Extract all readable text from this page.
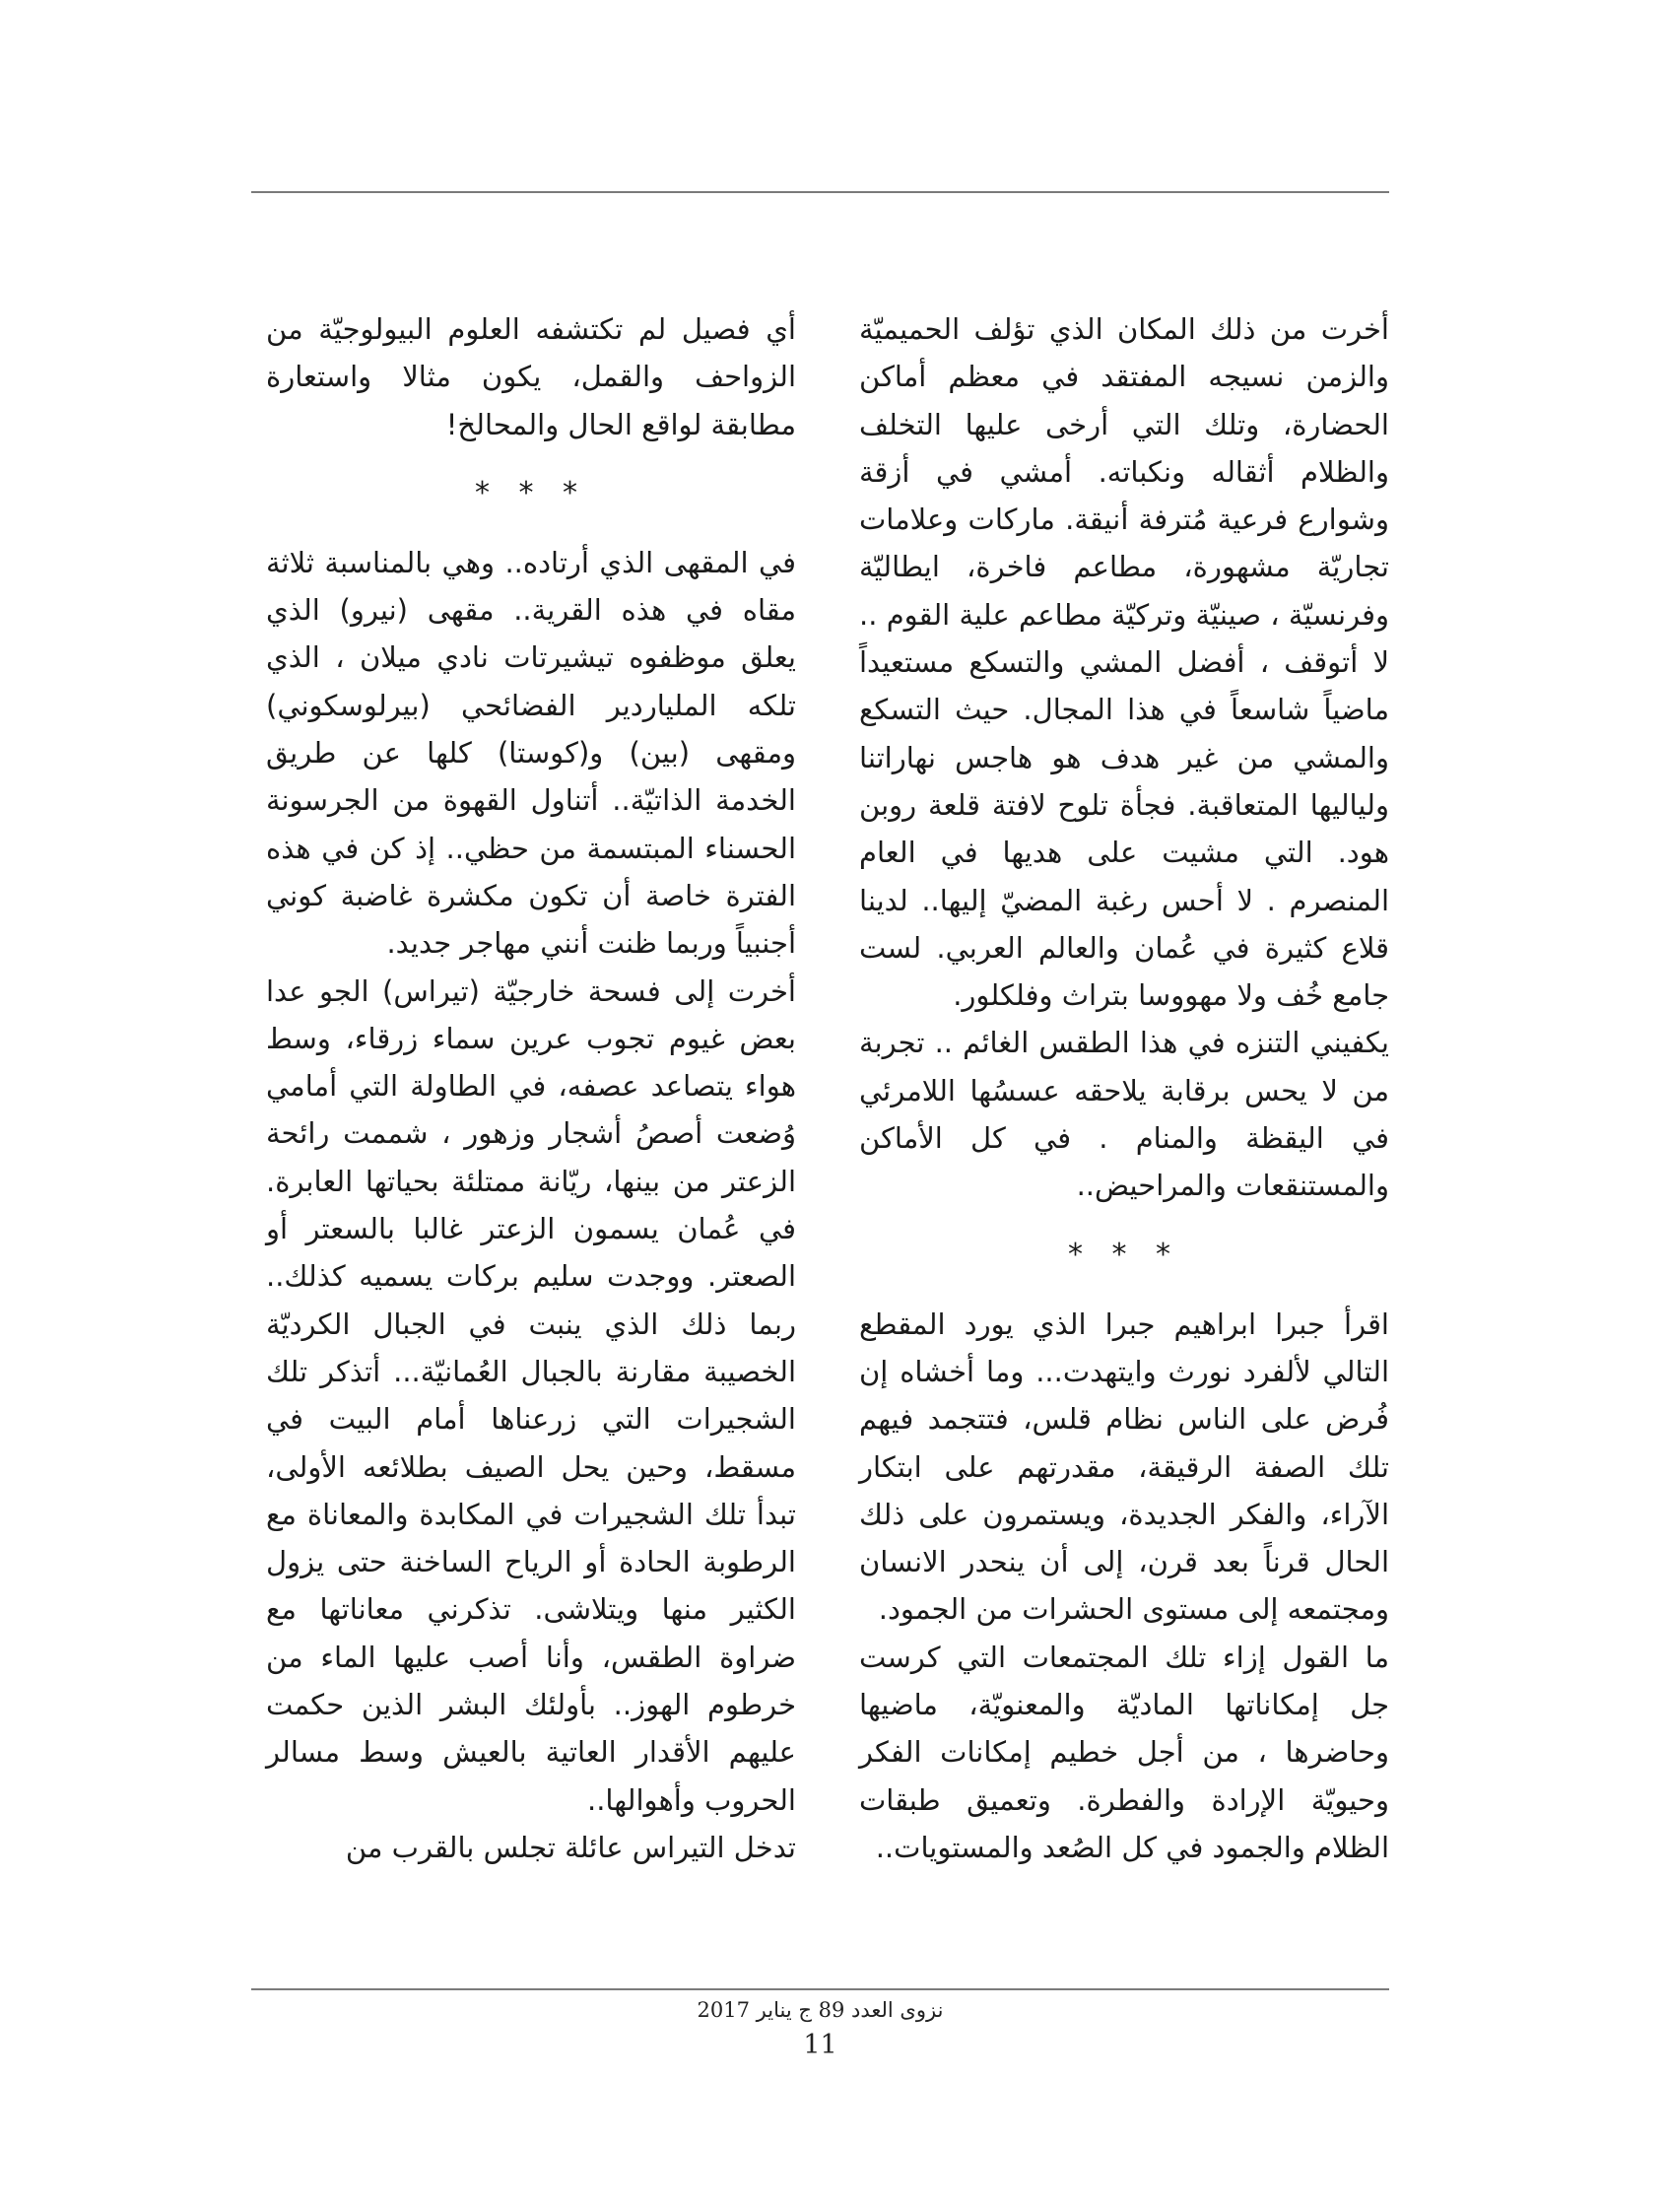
أخرت من ذلك المكان الذي تؤلف الحميميّة والزمن نسيجه المفتقد في معظم أماكن الحضارة، وتلك التي أرخى عليها التخلف والظلام أثقاله ونكباته. أمشي في أزقة وشوارع فرعية مُترفة أنيقة. ماركات وعلامات تجاريّة مشهورة، مطاعم فاخرة، ايطاليّة وفرنسيّة ، صينيّة وتركيّة مطاعم علية القوم .. لا أتوقف ، أفضل المشي والتسكع مستعيداً ماضياً شاسعاً في هذا المجال. حيث التسكع والمشي من غير هدف هو هاجس نهاراتنا ولياليها المتعاقبة. فجأة تلوح لافتة قلعة روبن هود. التي مشيت على هديها في العام المنصرم . لا أحس رغبة المضيّ إليها.. لدينا قلاع كثيرة في عُمان والعالم العربي. لست جامع خُف ولا مهووسا بتراث وفلكلور.

يكفيني التنزه في هذا الطقس الغائم .. تجربة من لا يحس برقابة يلاحقه عسسُها اللامرئي في اليقظة والمنام . في كل الأماكن والمستنقعات والمراحيض..

* * *

اقرأ جبرا ابراهيم جبرا الذي يورد المقطع التالي لألفرد نورث وايتهدت... وما أخشاه إن فُرض على الناس نظام قلس، فتتجمد فيهم تلك الصفة الرقيقة، مقدرتهم على ابتكار الآراء، والفكر الجديدة، ويستمرون على ذلك الحال قرناً بعد قرن، إلى أن ينحدر الانسان ومجتمعه إلى مستوى الحشرات من الجمود.

ما القول إزاء تلك المجتمعات التي كرست جل إمكاناتها الماديّة والمعنويّة، ماضيها وحاضرها ، من أجل خطيم إمكانات الفكر وحيويّة الإرادة والفطرة. وتعميق طبقات الظلام والجمود في كل الصُعد والمستويات..

أي فصيل لم تكتشفه العلوم البيولوجيّة من الزواحف والقمل، يكون مثالا واستعارة مطابقة لواقع الحال والمحالخ!

* * *

في المقهى الذي أرتاده.. وهي بالمناسبة ثلاثة مقاه في هذه القرية.. مقهى (نيرو) الذي يعلق موظفوه تيشيرتات نادي ميلان ، الذي تلكه الملياردير الفضائحي (بيرلوسكوني) ومقهى (بين) و(كوستا) كلها عن طريق الخدمة الذاتيّة.. أتناول القهوة من الجرسونة الحسناء المبتسمة من حظي.. إذ كن في هذه الفترة خاصة أن تكون مكشرة غاضبة كوني أجنبياً وربما ظنت أنني مهاجر جديد.

أخرت إلى فسحة خارجيّة (تيراس) الجو عدا بعض غيوم تجوب عرين سماء زرقاء، وسط هواء يتصاعد عصفه، في الطاولة التي أمامي وُضعت أصصُ أشجار وزهور ، شممت رائحة الزعتر من بينها، ريّانة ممتلئة بحياتها العابرة. في عُمان يسمون الزعتر غالبا بالسعتر أو الصعتر. ووجدت سليم بركات يسميه كذلك.. ربما ذلك الذي ينبت في الجبال الكرديّة الخصيبة مقارنة بالجبال العُمانيّة... أتذكر تلك الشجيرات التي زرعناها أمام البيت في مسقط، وحين يحل الصيف بطلائعه الأولى، تبدأ تلك الشجيرات في المكابدة والمعاناة مع الرطوبة الحادة أو الرياح الساخنة حتى يزول الكثير منها ويتلاشى. تذكرني معاناتها مع ضراوة الطقس، وأنا أصب عليها الماء من خرطوم الهوز.. بأولئك البشر الذين حكمت عليهم الأقدار العاتية بالعيش وسط مسالر الحروب وأهوالها..

تدخل التيراس عائلة تجلس بالقرب من

نزوى العدد 89 ج يناير 2017
11
